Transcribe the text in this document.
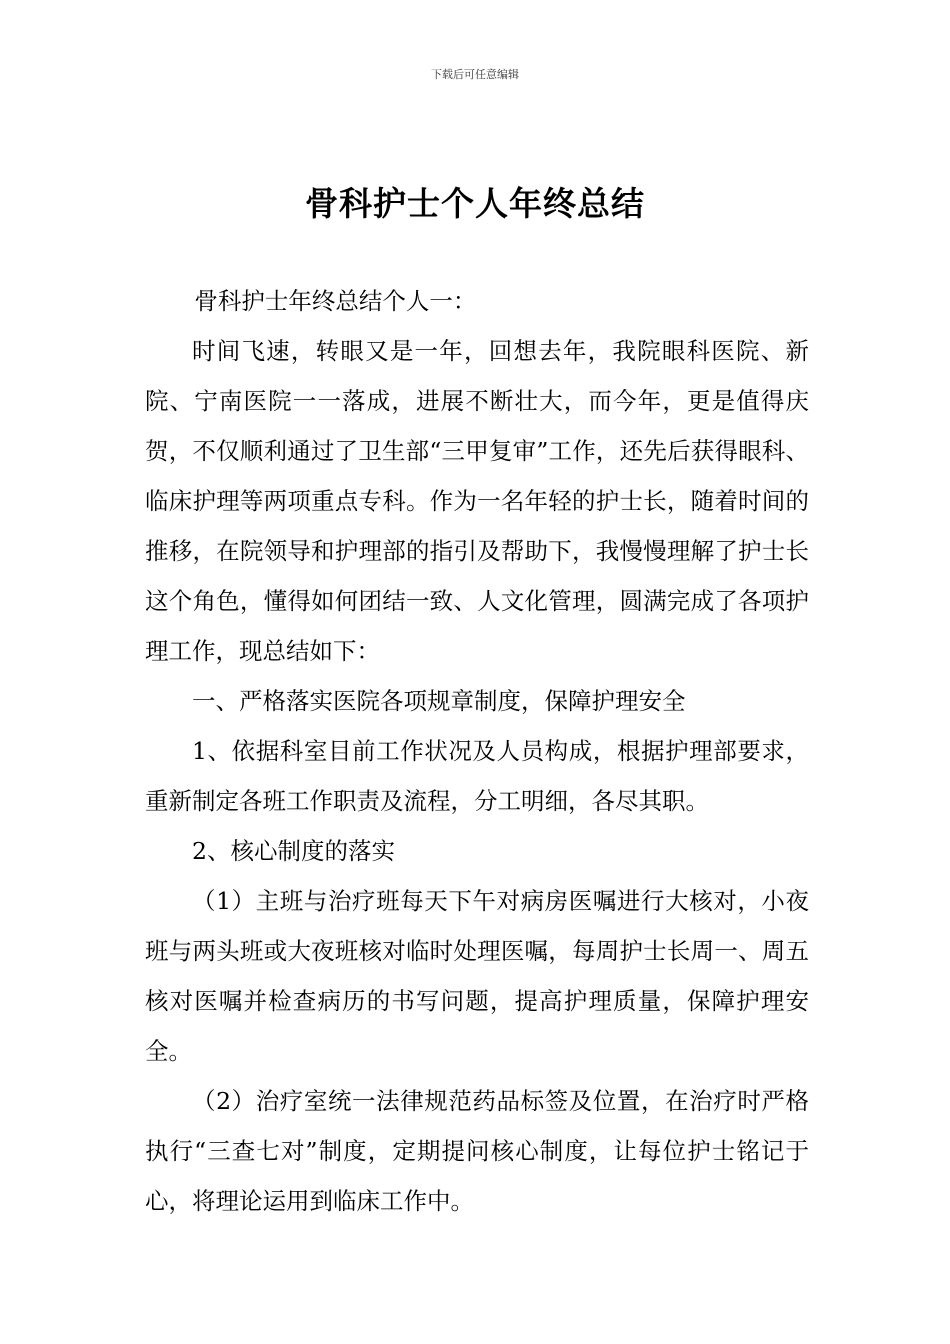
下载后可任意编辑
骨科护士个人年终总结

骨科护士年终总结个人一：

时间飞速，转眼又是一年，回想去年，我院眼科医院、新院、宁南医院一一落成，进展不断壮大，而今年，更是值得庆贺，不仅顺利通过了卫生部“三甲复审”工作，还先后获得眼科、临床护理等两项重点专科。作为一名年轻的护士长，随着时间的推移，在院领导和护理部的指引及帮助下，我慢慢理解了护士长这个角色，懂得如何团结一致、人文化管理，圆满完成了各项护理工作，现总结如下：

一、严格落实医院各项规章制度，保障护理安全

1、依据科室目前工作状况及人员构成，根据护理部要求，重新制定各班工作职责及流程，分工明细，各尽其职。

2、核心制度的落实

（1）主班与治疗班每天下午对病房医嘱进行大核对，小夜班与两头班或大夜班核对临时处理医嘱，每周护士长周一、周五核对医嘱并检查病历的书写问题，提高护理质量，保障护理安全。

（2）治疗室统一法律规范药品标签及位置，在治疗时严格执行“三查七对”制度，定期提问核心制度，让每位护士铭记于心，将理论运用到临床工作中。
